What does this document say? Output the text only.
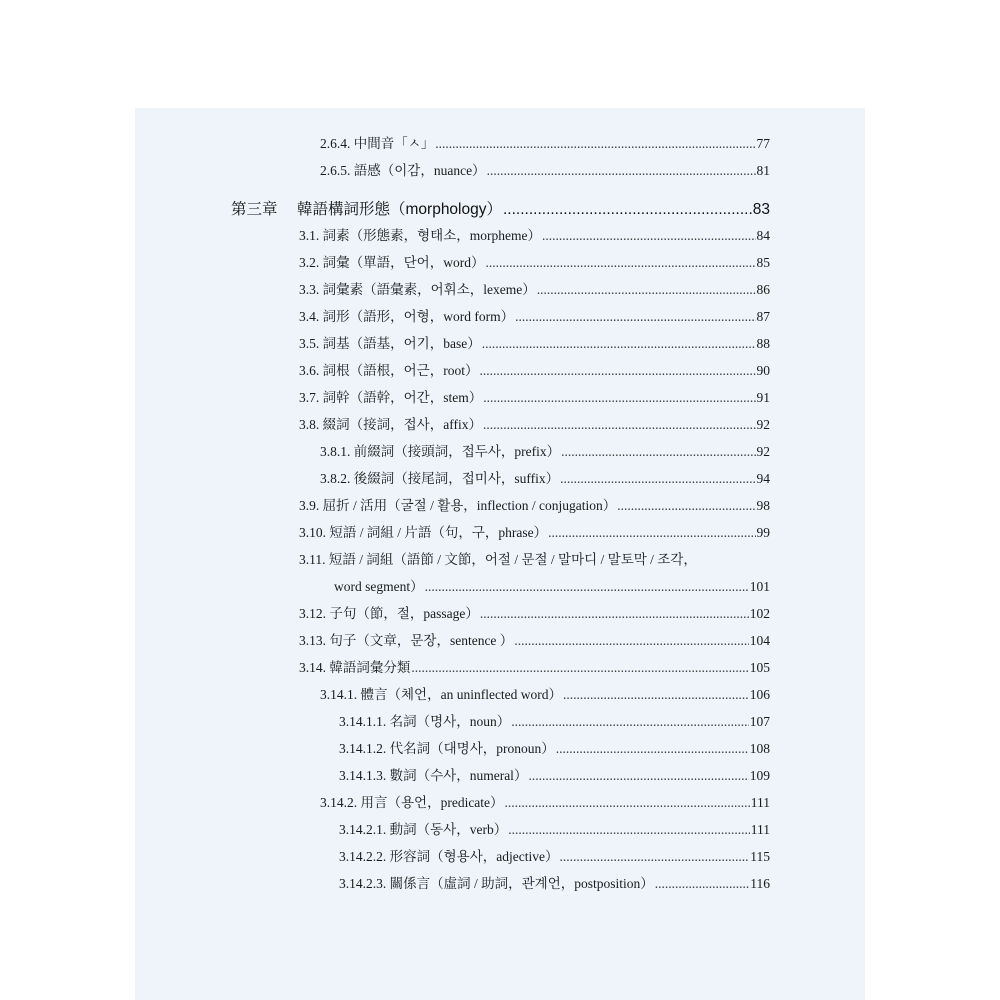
2.6.4. 中間音「ㅅ」 .....	77
2.6.5. 語感（이감，nuance） .....	81
第三章	韓語構詞形態（morphology） .....	83
3.1. 詞素（形態素，형태소，morpheme） .....	84
3.2. 詞彙（單語，단어，word） .....	85
3.3. 詞彙素（語彙素，어휘소，lexeme） .....	86
3.4. 詞形（語形，어형，word form） .....	87
3.5. 詞基（語基，어기，base） .....	88
3.6. 詞根（語根，어근，root） .....	90
3.7. 詞幹（語幹，어간，stem） .....	91
3.8. 綴詞（接詞，접사，affix） .....	92
3.8.1. 前綴詞（接頭詞，접두사，prefix） .....	92
3.8.2. 後綴詞（接尾詞，접미사，suffix） .....	94
3.9. 屈折 / 活用（굴절 / 활용，inflection / conjugation） .....	98
3.10. 短語 / 詞組 / 片語（句，구，phrase） .....	99
3.11. 短語 / 詞組（語節 / 文節，어절 / 문절 / 말마디 / 말토막 / 조각，
word segment） .....	101
3.12. 子句（節，절，passage） .....	102
3.13. 句子（文章，문장，sentence ） .....	104
3.14. 韓語詞彙分類 .....	105
3.14.1. 體言（체언，an uninflected word） .....	106
3.14.1.1. 名詞（명사，noun） .....	107
3.14.1.2. 代名詞（대명사，pronoun） .....	108
3.14.1.3. 數詞（수사，numeral） .....	109
3.14.2. 用言（용언，predicate） .....	111
3.14.2.1. 動詞（동사，verb） .....	111
3.14.2.2. 形容詞（형용사，adjective） .....	115
3.14.2.3. 關係言（虛詞 / 助詞，관계언，postposition） .....	116
